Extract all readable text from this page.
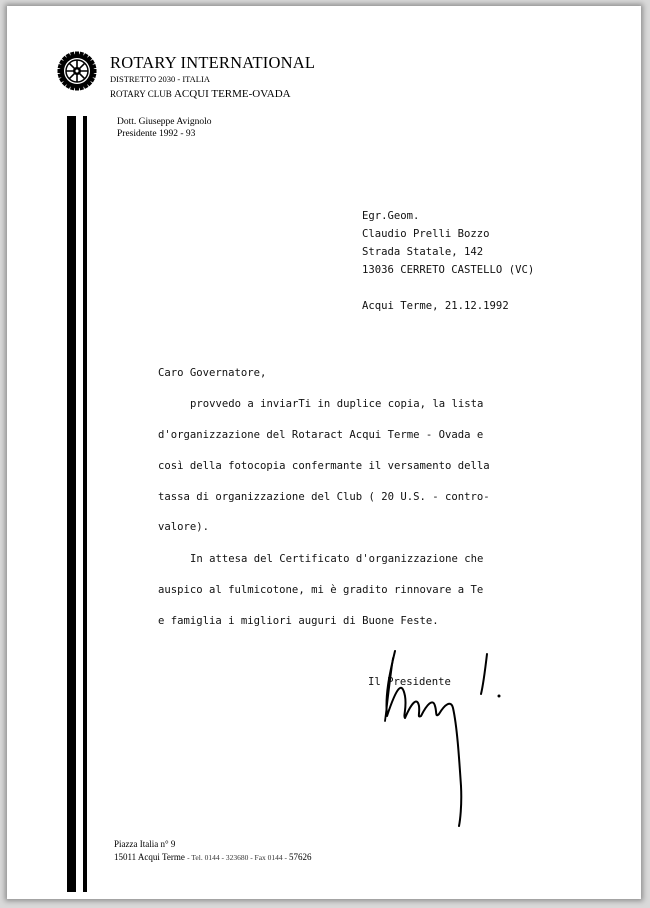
ROTARY INTERNATIONAL
DISTRETTO 2030 - ITALIA
ROTARY CLUB ACQUI TERME-OVADA
Dott. Giuseppe Avignolo
Presidente 1992 - 93
Egr.Geom.
Claudio Prelli Bozzo
Strada Statale, 142
13036 CERRETO CASTELLO (VC)
Acqui Terme, 21.12.1992
Caro Governatore,
provvedo a inviarTi in duplice copia, la lista
d'organizzazione del Rotaract Acqui Terme - Ovada e
così della fotocopia confermante il versamento della
tassa di organizzazione del Club ( 20 U.S. - contro-
valore).
In attesa del Certificato d'organizzazione che
auspico al fulmicotone, mi è gradito rinnovare a Te
e famiglia i migliori auguri di Buone Feste.
Il Presidente
Piazza Italia n° 9
15011 Acqui Terme - Tel. 0144 - 323680 - Fax 0144 - 57626
